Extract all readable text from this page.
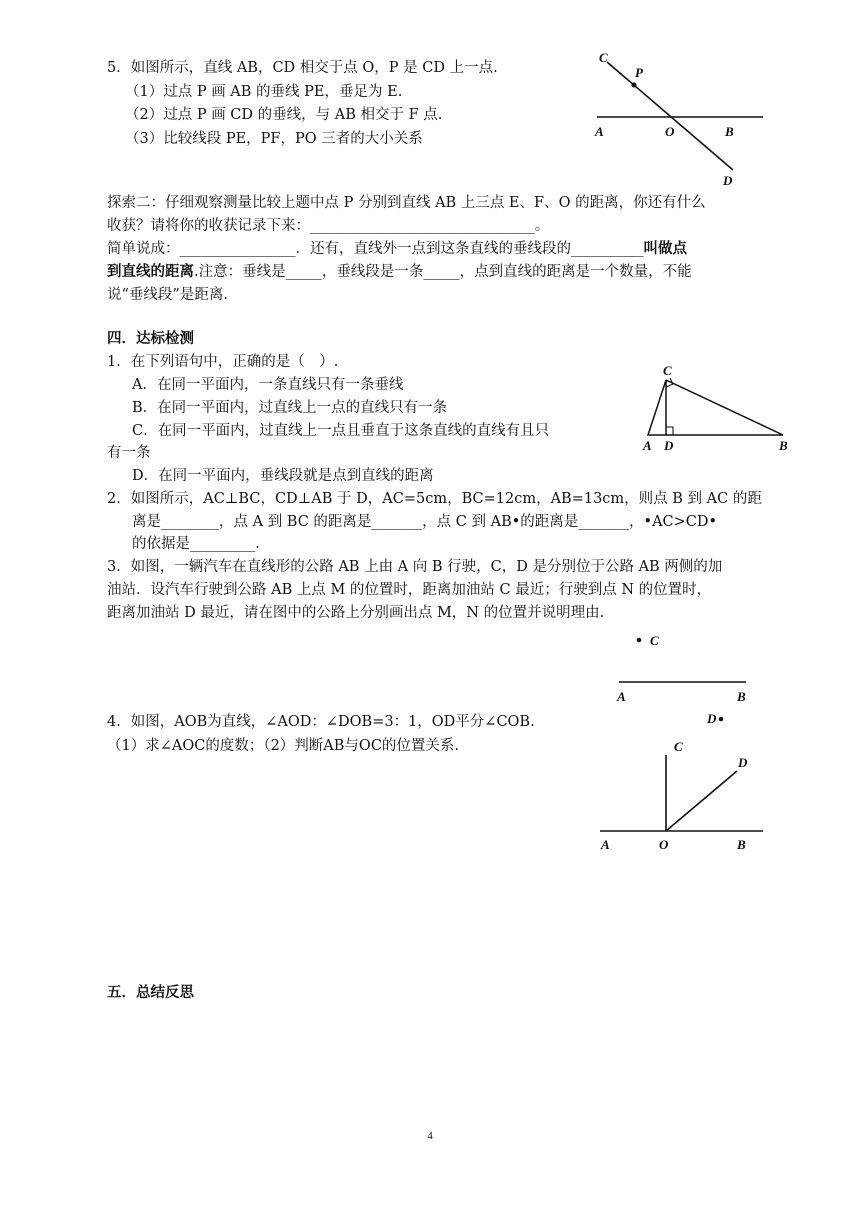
5．如图所示，直线 AB，CD 相交于点 O，P 是 CD 上一点.
（1）过点 P 画 AB 的垂线 PE，垂足为 E.
（2）过点 P 画 CD 的垂线，与 AB 相交于 F 点.
（3）比较线段 PE，PF，PO 三者的大小关系
C
P
A	O	B
D
探索二：仔细观察测量比较上题中点 P 分别到直线 AB 上三点 E、F、O 的距离，你还有什么
收获？请将你的收获记录下来：_______________________________。
简单说成：________________．还有，直线外一点到这条直线的垂线段的__________叫做点
到直线的距离.注意：垂线是_____，垂线段是一条_____，点到直线的距离是一个数量，不能
说“垂线段”是距离.
四．达标检测
1．在下列语句中，正确的是（　）.
A．在同一平面内，一条直线只有一条垂线
B．在同一平面内，过直线上一点的直线只有一条
C．在同一平面内，过直线上一点且垂直于这条直线的直线有且只
有一条
D．在同一平面内，垂线段就是点到直线的距离
C
A D	B
2．如图所示，AC⊥BC，CD⊥AB 于 D，AC=5cm，BC=12cm，AB=13cm，则点 B 到 AC 的距
离是________，点 A 到 BC 的距离是_______，点 C 到 AB•的距离是_______，•AC>CD•
的依据是_________.
3．如图，一辆汽车在直线形的公路 AB 上由 A 向 B 行驶，C，D 是分别位于公路 AB 两侧的加
油站．设汽车行驶到公路 AB 上点 M 的位置时，距离加油站 C 最近；行驶到点 N 的位置时，
距离加油站 D 最近，请在图中的公路上分别画出点 M，N 的位置并说明理由.
C
A	B
D
4．如图，AOB为直线，∠AOD：∠DOB=3：1，OD平分∠COB.
（1）求∠AOC的度数；（2）判断AB与OC的位置关系.	C
D
A	O	B
五．总结反思
4
